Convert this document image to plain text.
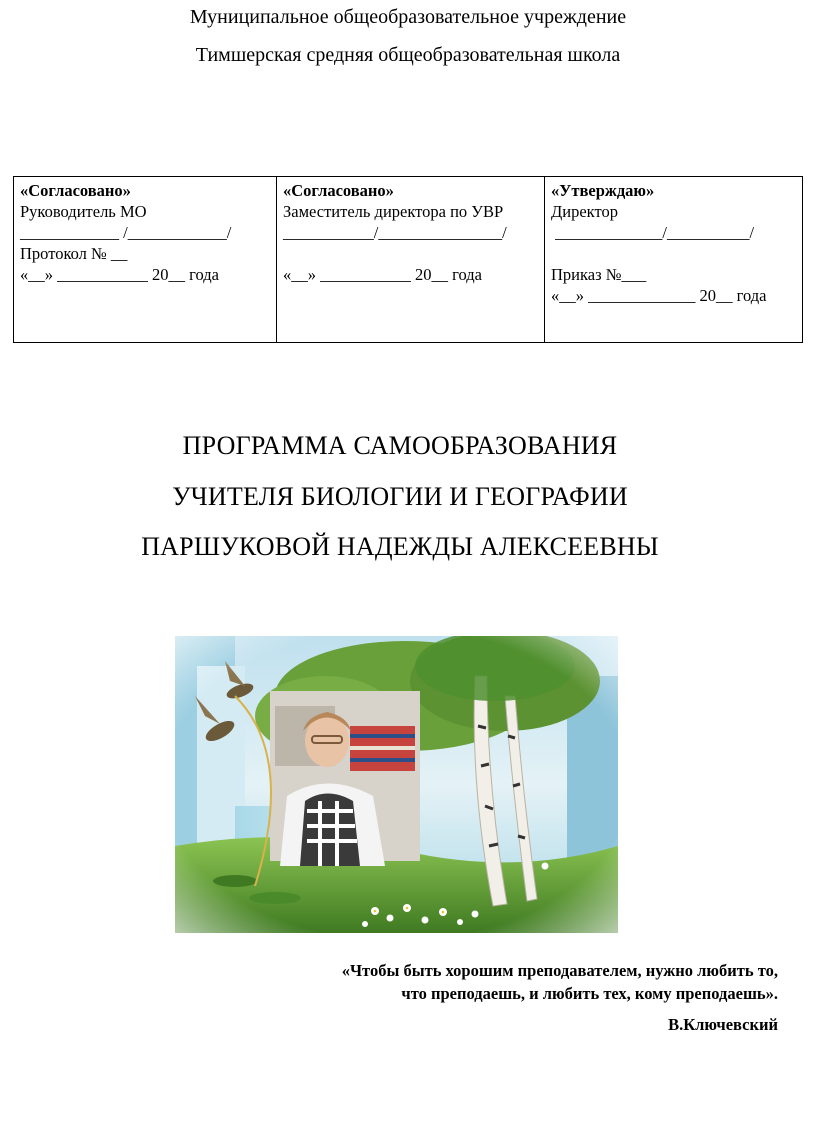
Муниципальное общеобразовательное учреждение
Тимшерская средняя общеобразовательная школа
«Согласовано»
Руководитель МО
____________ /____________/
Протокол № __
«__» ___________ 20__ года

«Согласовано»
Заместитель директора по УВР
___________/_______________/
«__» ___________ 20__ года

«Утверждаю»
Директор
_____________/__________/
Приказ №___
«__» _____________ 20__ года
ПРОГРАММА САМООБРАЗОВАНИЯ
УЧИТЕЛЯ БИОЛОГИИ И ГЕОГРАФИИ
ПАРШУКОВОЙ НАДЕЖДЫ АЛЕКСЕЕВНЫ
«Чтобы быть хорошим преподавателем, нужно любить то,
что преподаешь, и любить тех, кому преподаешь».
В.Ключевский
